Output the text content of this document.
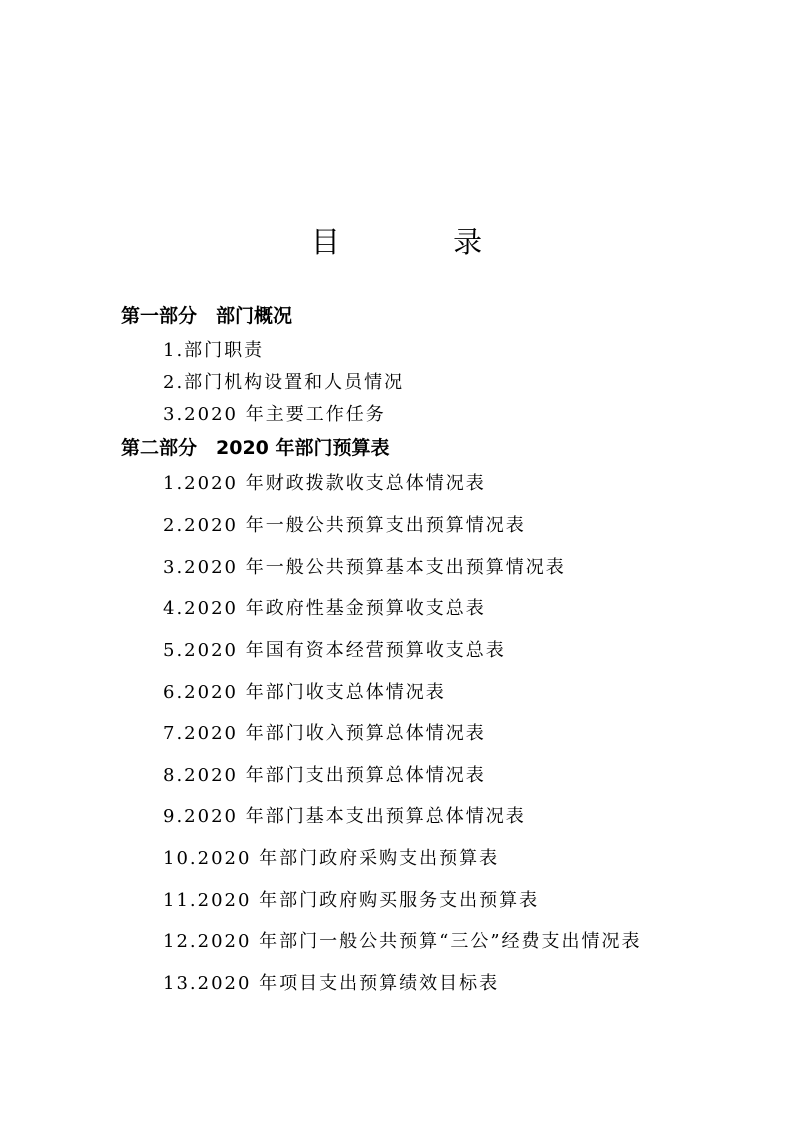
目 录
第一部分　部门概况
1.部门职责
2.部门机构设置和人员情况
3.2020 年主要工作任务
第二部分　2020 年部门预算表
1.2020 年财政拨款收支总体情况表
2.2020 年一般公共预算支出预算情况表
3.2020 年一般公共预算基本支出预算情况表
4.2020 年政府性基金预算收支总表
5.2020 年国有资本经营预算收支总表
6.2020 年部门收支总体情况表
7.2020 年部门收入预算总体情况表
8.2020 年部门支出预算总体情况表
9.2020 年部门基本支出预算总体情况表
10.2020 年部门政府采购支出预算表
11.2020 年部门政府购买服务支出预算表
12.2020 年部门一般公共预算“三公”经费支出情况表
13.2020 年项目支出预算绩效目标表
